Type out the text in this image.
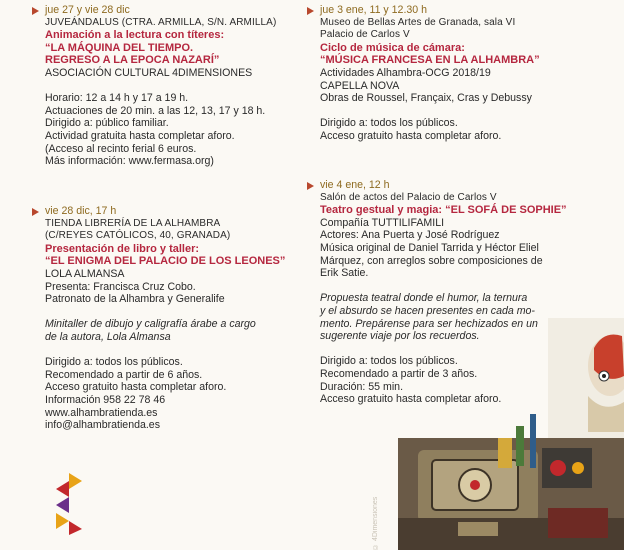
jue 27 y vie 28 dic
JUVEÁNDALUS (CTRA. ARMILLA, S/N. ARMILLA)
Animación a la lectura con títeres:
“LA MÁQUINA DEL TIEMPO.
REGRESO A LA EPOCA NAZARÍ”
ASOCIACIÓN CULTURAL 4DIMENSIONES
Horario: 12 a 14 h y 17 a 19 h.
Actuaciones de 20 min. a las 12, 13, 17 y 18 h.
Dirigido a: público familiar.
Actividad gratuita hasta completar aforo.
(Acceso al recinto ferial 6 euros.
Más información: www.fermasa.org)
vie 28 dic, 17 h
TIENDA LIBRERÍA DE LA ALHAMBRA
(C/REYES CATÓLICOS, 40, GRANADA)
Presentación de libro y taller:
“EL ENIGMA DEL PALACIO DE LOS LEONES”
LOLA ALMANSA
Presenta: Francisca Cruz Cobo.
Patronato de la Alhambra y Generalife
Minitaller de dibujo y caligrafía árabe a cargo
de la autora, Lola Almansa
Dirigido a: todos los públicos.
Recomendado a partir de 6 años.
Acceso gratuito hasta completar aforo.
Información 958 22 78 46
www.alhambratienda.es
info@alhambratienda.es
jue 3 ene, 11 y 12.30 h
Museo de Bellas Artes de Granada, sala VI
Palacio de Carlos V
Ciclo de música de cámara:
“MÚSICA FRANCESA EN LA ALHAMBRA”
Actividades Alhambra-OCG 2018/19
CAPELLA NOVA
Obras de Roussel, Françaix, Cras y Debussy
Dirigido a: todos los públicos.
Acceso gratuito hasta completar aforo.
vie 4 ene, 12 h
Salón de actos del Palacio de Carlos V
Teatro gestual y magia: “EL SOFÁ DE SOPHIE”
Compañía TUTTILIFAMILI
Actores: Ana Puerta y José Rodríguez
Música original de Daniel Tarrida y Héctor Eliel
Márquez, con arreglos sobre composiciones de
Erik Satie.
Propuesta teatral donde el humor, la ternura
y el absurdo se hacen presentes en cada mo-
mento. Prepárense para ser hechizados en un
sugerente viaje por los recuerdos.
Dirigido a: todos los públicos.
Recomendado a partir de 3 años.
Duración: 55 min.
Acceso gratuito hasta completar aforo.
© 4Dimensiones
